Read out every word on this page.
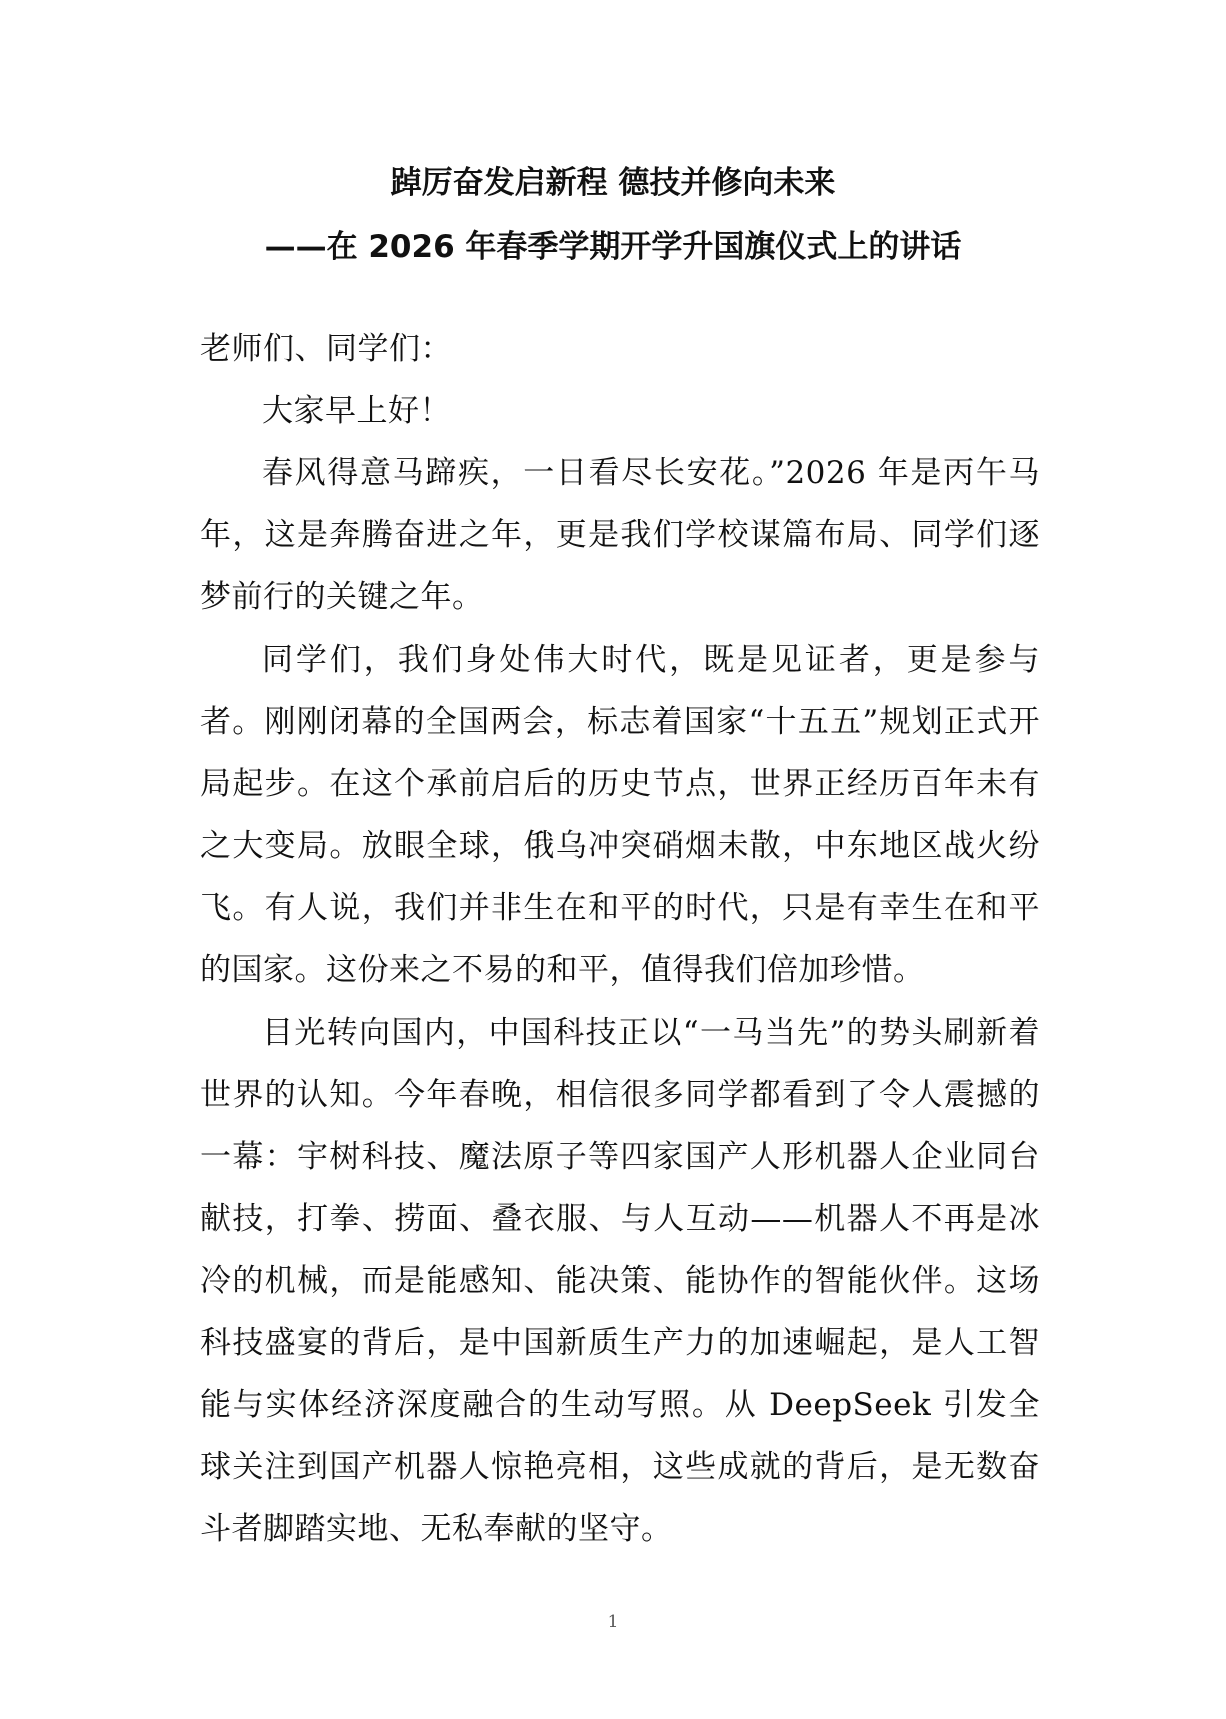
踔厉奋发启新程 德技并修向未来
——在 2026 年春季学期开学升国旗仪式上的讲话
老师们、同学们：

大家早上好！

春风得意马蹄疾，一日看尽长安花。”2026 年是丙午马年，这是奔腾奋进之年，更是我们学校谋篇布局、同学们逐梦前行的关键之年。

同学们，我们身处伟大时代，既是见证者，更是参与者。刚刚闭幕的全国两会，标志着国家“十五五”规划正式开局起步。在这个承前启后的历史节点，世界正经历百年未有之大变局。放眼全球，俄乌冲突硝烟未散，中东地区战火纷飞。有人说，我们并非生在和平的时代，只是有幸生在和平的国家。这份来之不易的和平，值得我们倍加珍惜。

目光转向国内，中国科技正以“一马当先”的势头刷新着世界的认知。今年春晚，相信很多同学都看到了令人震撼的一幕：宇树科技、魔法原子等四家国产人形机器人企业同台献技，打拳、捞面、叠衣服、与人互动——机器人不再是冰冷的机械，而是能感知、能决策、能协作的智能伙伴。这场科技盛宴的背后，是中国新质生产力的加速崛起，是人工智能与实体经济深度融合的生动写照。从 DeepSeek 引发全球关注到国产机器人惊艳亮相，这些成就的背后，是无数奋斗者脚踏实地、无私奉献的坚守。

1
